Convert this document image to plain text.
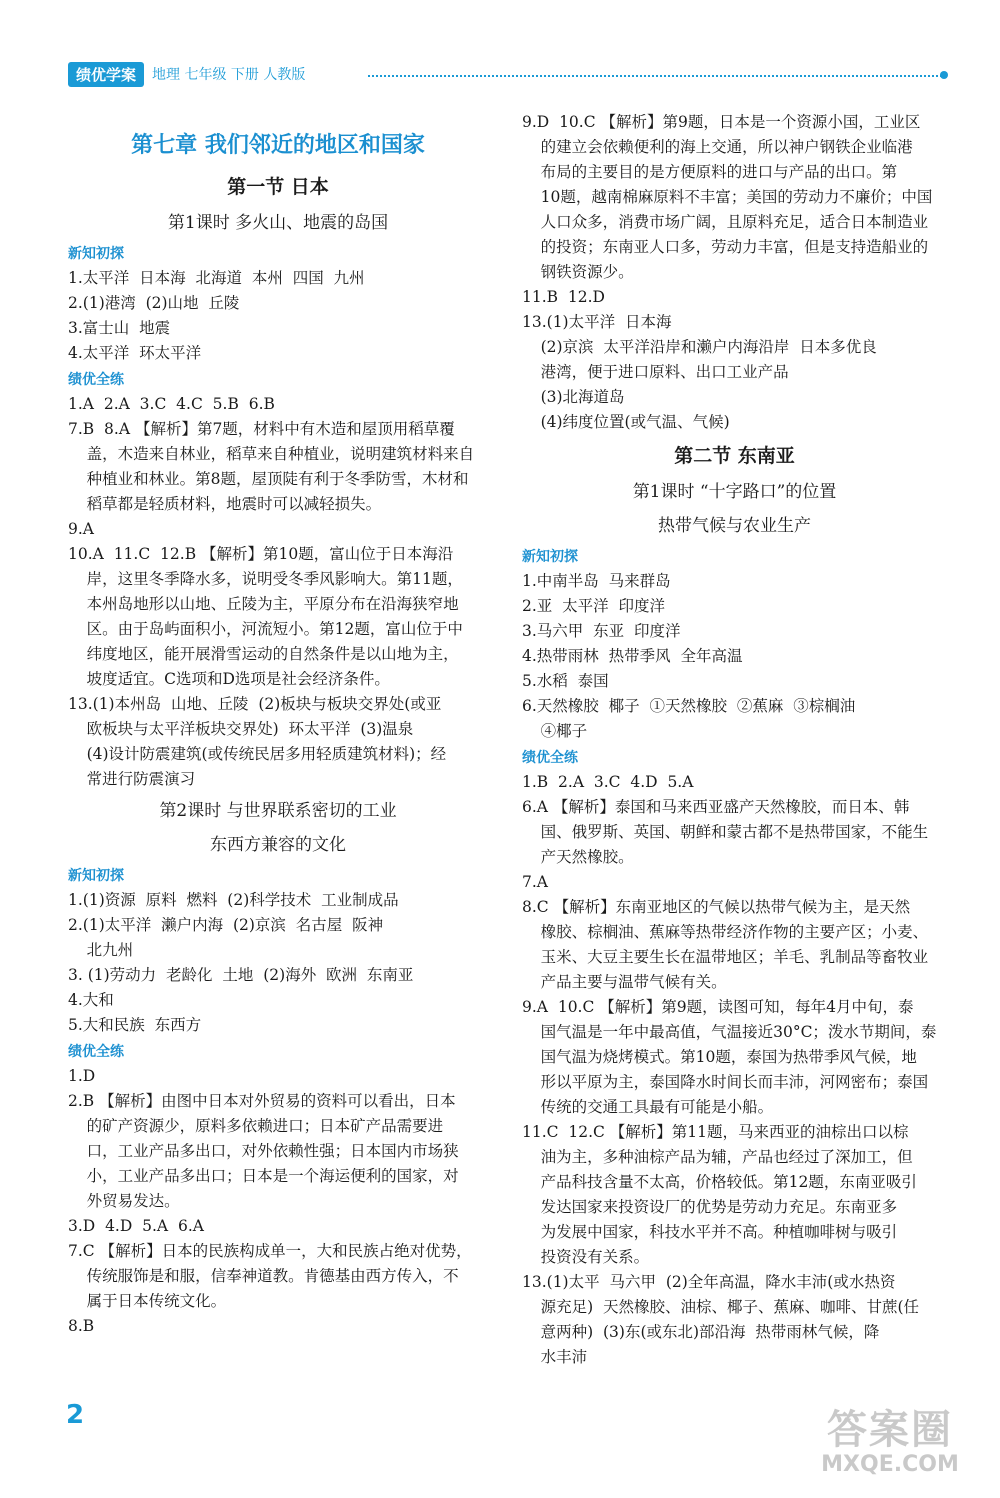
绩优学案	地理 七年级 下册 人教版
第七章 我们邻近的地区和国家
第一节 日本
第1课时 多火山、地震的岛国
新知初探
1.太平洋  日本海  北海道  本州  四国  九州
2.(1)港湾  (2)山地  丘陵
3.富士山  地震
4.太平洋  环太平洋
绩优全练
1.A  2.A  3.C  4.C  5.B  6.B
7.B  8.A 【解析】第7题，材料中有木造和屋顶用稻草覆
盖，木造来自林业，稻草来自种植业，说明建筑材料来自
种植业和林业。第8题，屋顶陡有利于冬季防雪，木材和
稻草都是轻质材料，地震时可以减轻损失。
9.A
10.A  11.C  12.B 【解析】第10题，富山位于日本海沿
岸，这里冬季降水多，说明受冬季风影响大。第11题，
本州岛地形以山地、丘陵为主，平原分布在沿海狭窄地
区。由于岛屿面积小，河流短小。第12题，富山位于中
纬度地区，能开展滑雪运动的自然条件是以山地为主，
坡度适宜。C选项和D选项是社会经济条件。
13.(1)本州岛  山地、丘陵  (2)板块与板块交界处(或亚
欧板块与太平洋板块交界处)  环太平洋  (3)温泉
(4)设计防震建筑(或传统民居多用轻质建筑材料)；经
常进行防震演习
第2课时 与世界联系密切的工业
东西方兼容的文化
新知初探
1.(1)资源  原料  燃料  (2)科学技术  工业制成品
2.(1)太平洋  濑户内海  (2)京滨  名古屋  阪神
北九州
3. (1)劳动力  老龄化  土地  (2)海外  欧洲  东南亚
4.大和
5.大和民族  东西方
绩优全练
1.D
2.B 【解析】由图中日本对外贸易的资料可以看出，日本
的矿产资源少，原料多依赖进口；日本矿产品需要进
口，工业产品多出口，对外依赖性强；日本国内市场狭
小，工业产品多出口；日本是一个海运便利的国家，对
外贸易发达。
3.D  4.D  5.A  6.A
7.C 【解析】日本的民族构成单一，大和民族占绝对优势，
传统服饰是和服，信奉神道教。肯德基由西方传入，不
属于日本传统文化。
8.B
9.D  10.C 【解析】第9题，日本是一个资源小国，工业区
的建立会依赖便利的海上交通，所以神户钢铁企业临港
布局的主要目的是方便原料的进口与产品的出口。第
10题，越南棉麻原料不丰富；美国的劳动力不廉价；中国
人口众多，消费市场广阔，且原料充足，适合日本制造业
的投资；东南亚人口多，劳动力丰富，但是支持造船业的
钢铁资源少。
11.B  12.D
13.(1)太平洋  日本海
(2)京滨  太平洋沿岸和濑户内海沿岸  日本多优良
港湾，便于进口原料、出口工业产品
(3)北海道岛
(4)纬度位置(或气温、气候)
第二节 东南亚
第1课时 “十字路口”的位置
热带气候与农业生产
新知初探
1.中南半岛  马来群岛
2.亚  太平洋  印度洋
3.马六甲  东亚  印度洋
4.热带雨林  热带季风  全年高温
5.水稻  泰国
6.天然橡胶  椰子  ①天然橡胶  ②蕉麻  ③棕榈油
④椰子
绩优全练
1.B  2.A  3.C  4.D  5.A
6.A 【解析】泰国和马来西亚盛产天然橡胶，而日本、韩
国、俄罗斯、英国、朝鲜和蒙古都不是热带国家，不能生
产天然橡胶。
7.A
8.C 【解析】东南亚地区的气候以热带气候为主，是天然
橡胶、棕榈油、蕉麻等热带经济作物的主要产区；小麦、
玉米、大豆主要生长在温带地区；羊毛、乳制品等畜牧业
产品主要与温带气候有关。
9.A  10.C 【解析】第9题，读图可知，每年4月中旬，泰
国气温是一年中最高值，气温接近30°C；泼水节期间，泰
国气温为烧烤模式。第10题，泰国为热带季风气候，地
形以平原为主，泰国降水时间长而丰沛，河网密布；泰国
传统的交通工具最有可能是小船。
11.C  12.C 【解析】第11题，马来西亚的油棕出口以棕
油为主，多种油棕产品为辅，产品也经过了深加工，但
产品科技含量不太高，价格较低。第12题，东南亚吸引
发达国家来投资设厂的优势是劳动力充足。东南亚多
为发展中国家，科技水平并不高。种植咖啡树与吸引
投资没有关系。
13.(1)太平  马六甲  (2)全年高温，降水丰沛(或水热资
源充足)  天然橡胶、油棕、椰子、蕉麻、咖啡、甘蔗(任
意两种)  (3)东(或东北)部沿海  热带雨林气候，降
水丰沛
2	答案圈
MXQE.COM
